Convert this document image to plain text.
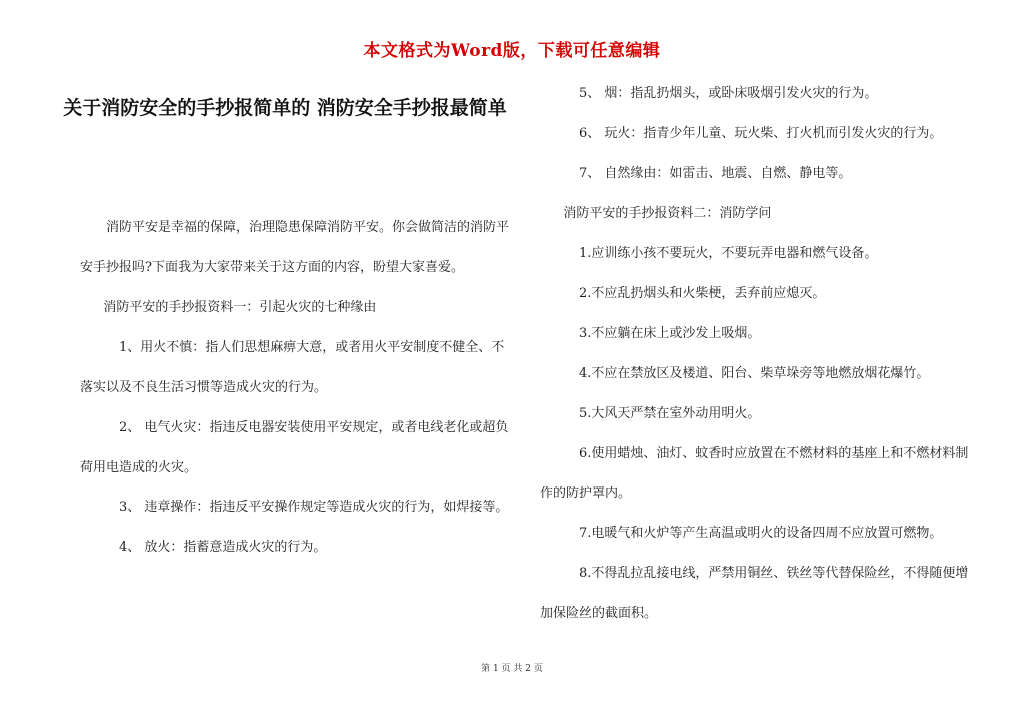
本文格式为Word版，下载可任意编辑
关于消防安全的手抄报简单的 消防安全手抄报最简单

消防平安是幸福的保障，治理隐患保障消防平安。你会做简洁的消防平安手抄报吗?下面我为大家带来关于这方面的内容，盼望大家喜爱。

消防平安的手抄报资料一：引起火灾的七种缘由

1、用火不慎：指人们思想麻痹大意，或者用火平安制度不健全、不落实以及不良生活习惯等造成火灾的行为。

2、 电气火灾：指违反电器安装使用平安规定，或者电线老化或超负荷用电造成的火灾。

3、 违章操作：指违反平安操作规定等造成火灾的行为，如焊接等。

4、 放火：指蓄意造成火灾的行为。

5、 烟：指乱扔烟头，或卧床吸烟引发火灾的行为。

6、 玩火：指青少年儿童、玩火柴、打火机而引发火灾的行为。

7、 自然缘由：如雷击、地震、自燃、静电等。

消防平安的手抄报资料二：消防学问

1.应训练小孩不要玩火，不要玩弄电器和燃气设备。

2.不应乱扔烟头和火柴梗，丢弃前应熄灭。

3.不应躺在床上或沙发上吸烟。

4.不应在禁放区及楼道、阳台、柴草垛旁等地燃放烟花爆竹。

5.大风天严禁在室外动用明火。

6.使用蜡烛、油灯、蚊香时应放置在不燃材料的基座上和不燃材料制作的防护罩内。

7.电暖气和火炉等产生高温或明火的设备四周不应放置可燃物。

8.不得乱拉乱接电线，严禁用铜丝、铁丝等代替保险丝，不得随便增加保险丝的截面积。

第 1 页 共 2 页
